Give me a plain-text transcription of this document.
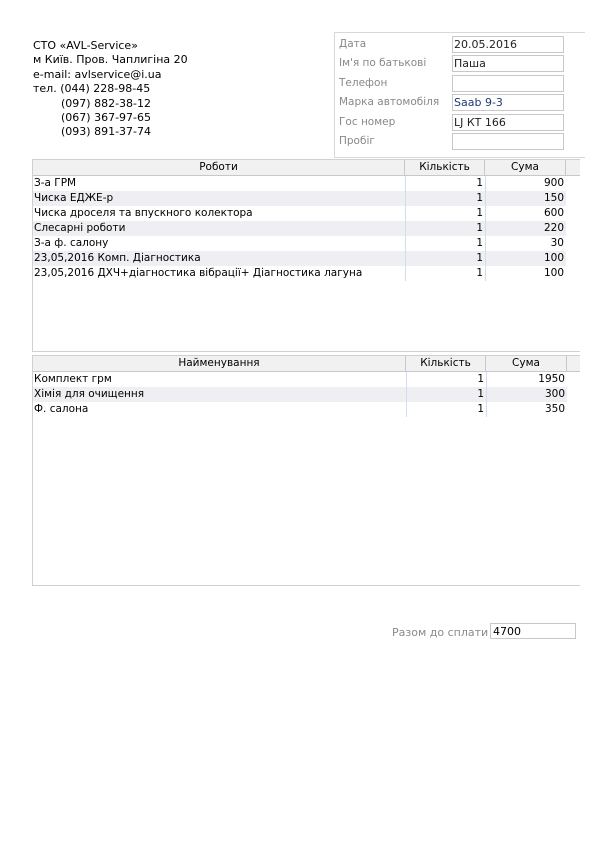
СТО «AVL-Service»
м Київ. Пров. Чаплигіна 20
e-mail: avlservice@i.ua
тел. (044) 228-98-45
(097) 882-38-12
(067) 367-97-65
(093) 891-37-74
Дата	20.05.2016
Ім'я по батькові	Паша
Телефон
Марка автомобіля Saab 9-3
Гос номер	LJ КТ 166
Пробіг
Роботи	Кількість	Сума
З-а ГРМ	1	900
Чиска ЕДЖЕ-р	1	150
Чиска дроселя та впускного колектора	1	600
Слесарні роботи	1	220
З-а ф. салону	1	30
23,05,2016 Комп. Діагностика	1	100
23,05,2016 ДХЧ+діагностика вібрації+ Діагностика лагуна	1	100
Найменування	Кількість	Сума
Комплект грм	1	1950
Хімія для очищення	1	300
Ф. салона	1	350
Разом до сплати 4700
